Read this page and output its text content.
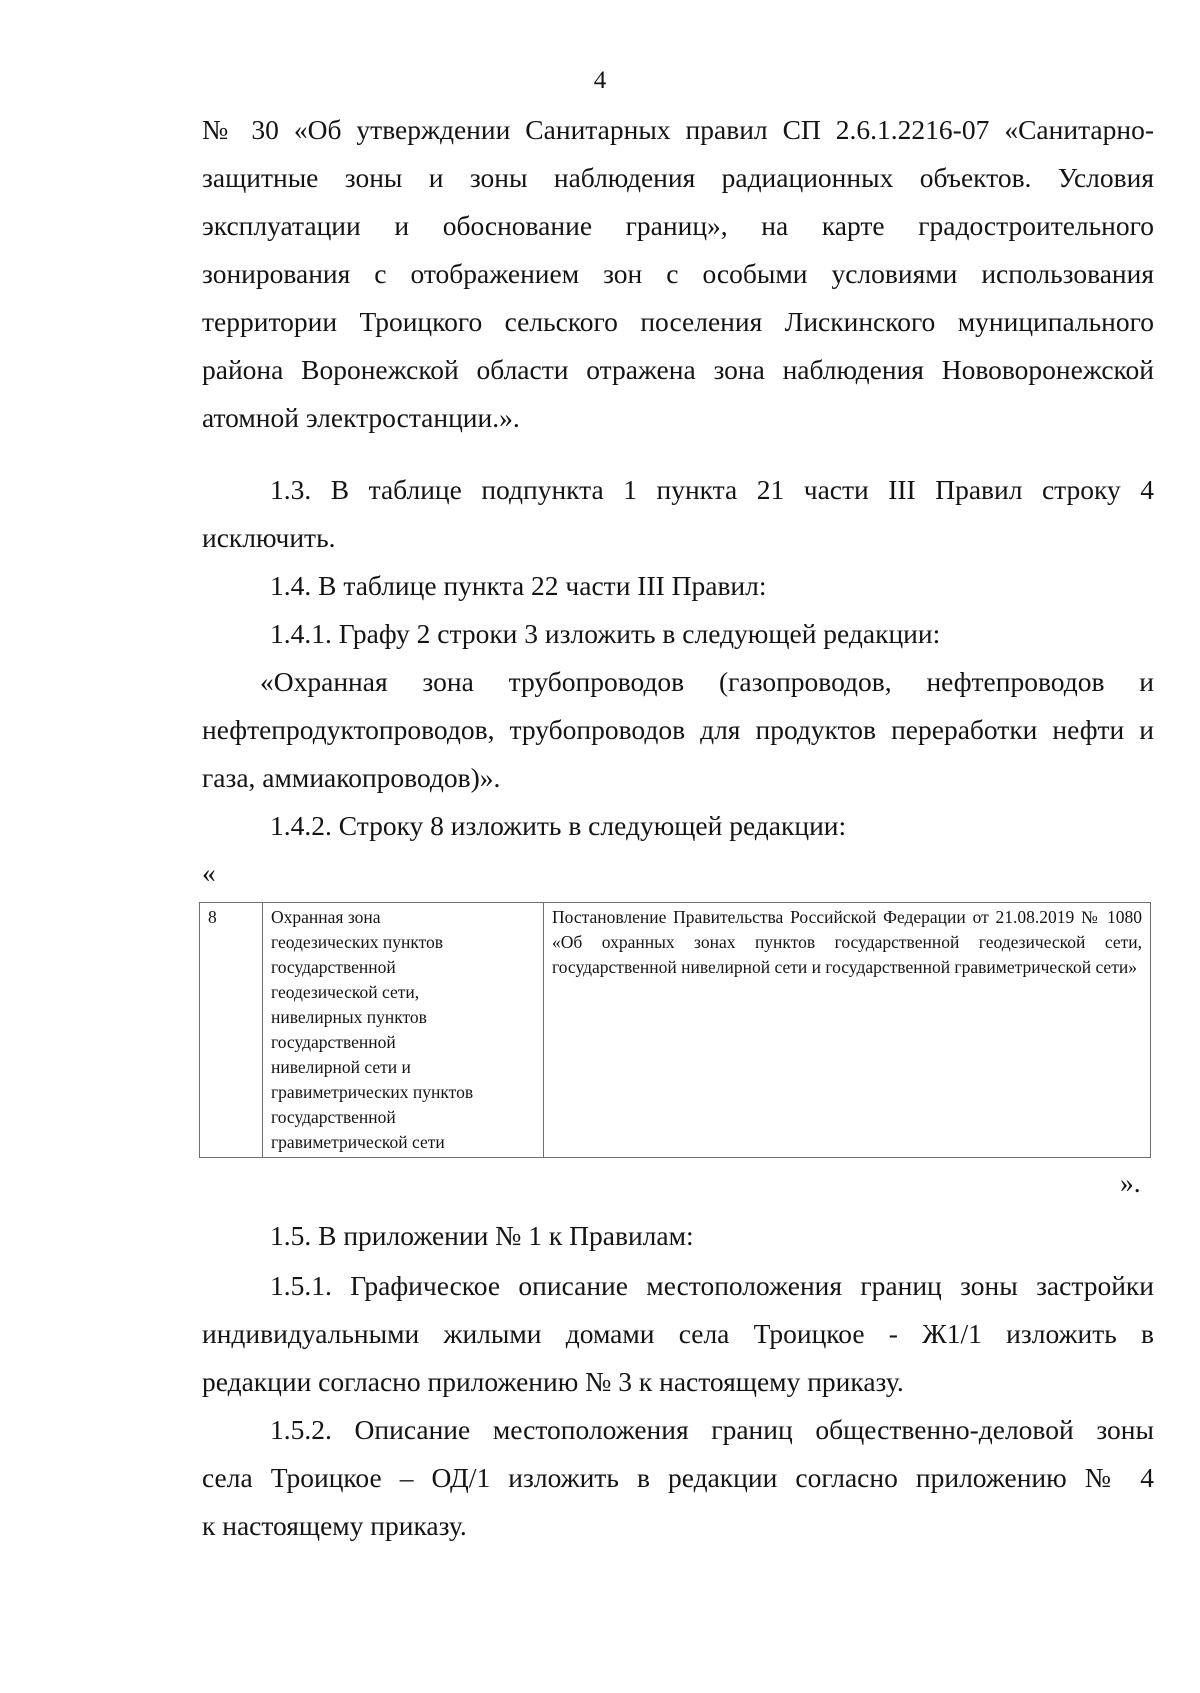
4
№ 30 «Об утверждении Санитарных правил СП 2.6.1.2216-07 «Санитарно-
защитные зоны и зоны наблюдения радиационных объектов. Условия
эксплуатации и обоснование границ», на карте градостроительного
зонирования с отображением зон с особыми условиями использования
территории Троицкого сельского поселения Лискинского муниципального
района Воронежской области отражена зона наблюдения Нововоронежской
атомной электростанции.».
1.3. В таблице подпункта 1 пункта 21 части III Правил строку 4
исключить.
1.4. В таблице пункта 22 части III Правил:
1.4.1. Графу 2 строки 3 изложить в следующей редакции:
«Охранная зона трубопроводов (газопроводов, нефтепроводов и
нефтепродуктопроводов, трубопроводов для продуктов переработки нефти и
газа, аммиакопроводов)».
1.4.2. Строку 8 изложить в следующей редакции:
«
8	Охранная зона
геодезических пунктов
государственной
геодезической сети,
нивелирных пунктов
государственной
нивелирной сети и
гравиметрических пунктов
государственной
гравиметрической сети
	Постановление Правительства Российской Федерации от 21.08.2019 № 1080 «Об охранных зонах пунктов государственной геодезической сети, государственной нивелирной сети и государственной гравиметрической сети»
».
1.5. В приложении № 1 к Правилам:
1.5.1. Графическое описание местоположения границ зоны застройки
индивидуальными жилыми домами села Троицкое - Ж1/1 изложить в
редакции согласно приложению № 3 к настоящему приказу.
1.5.2. Описание местоположения границ общественно-деловой зоны
села Троицкое – ОД/1 изложить в редакции согласно приложению № 4
к настоящему приказу.
